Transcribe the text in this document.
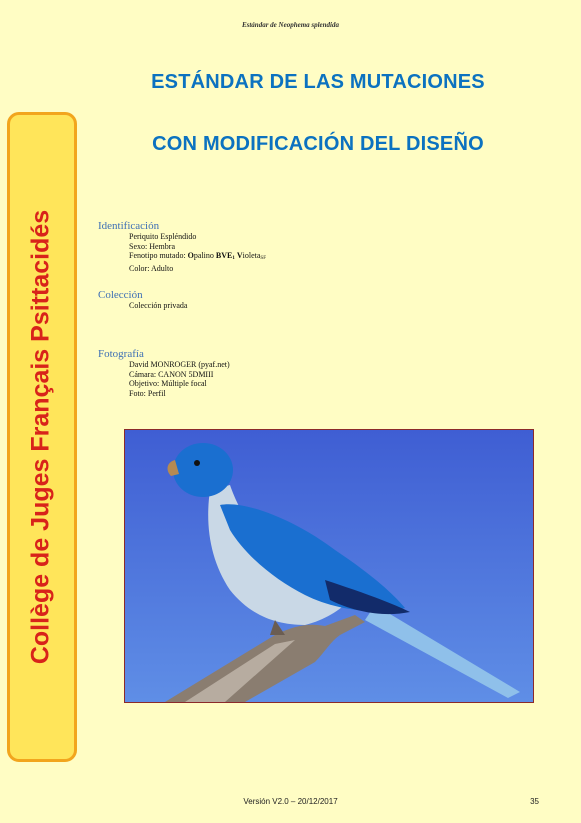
Estándar de Neophema splendida
ESTÁNDAR DE LAS MUTACIONES
CON MODIFICACIÓN DEL DISEÑO
Collège de Juges Français Psittacidés	Identificación
Periquito Espléndido
Sexo: Hembra
Fenotipo mutado: Opalino $BVE_1$ Violeta$_{SF}$
Color: Adulto
Colección
Colección privada
Fotografía
David MONROGER (pyaf.net)
Cámara: CANON 5DMIII
Objetivo: Múltiple focal
Foto: Perfil
Versión V2.0 – 20/12/2017	35
